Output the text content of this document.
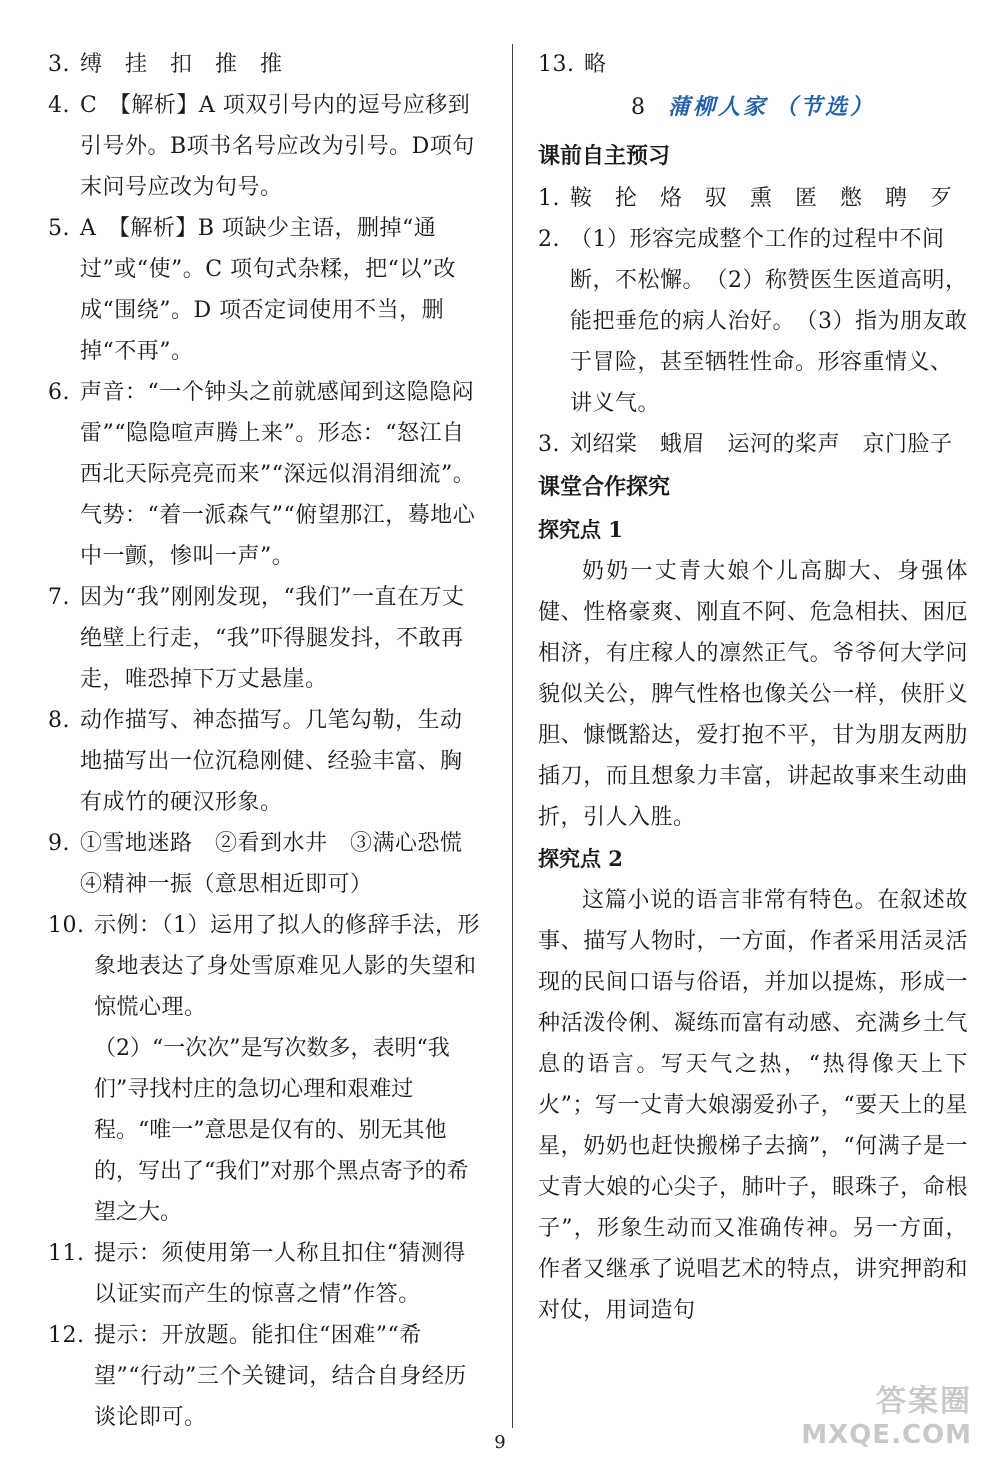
3. 缚　挂　扣　推　推
4. C　【解析】A 项双引号内的逗号应移到引号外。B项书名号应改为引号。D项句末问号应改为句号。
5. A　【解析】B 项缺少主语，删掉“通过”或“使”。C 项句式杂糅，把“以”改成“围绕”。D 项否定词使用不当，删掉“不再”。
6. 声音：“一个钟头之前就感闻到这隐隐闷雷”“隐隐喧声腾上来”。形态：“怒江自西北天际亮亮而来”“深远似涓涓细流”。气势：“着一派森气”“俯望那江，蓦地心中一颤，惨叫一声”。
7. 因为“我”刚刚发现，“我们”一直在万丈绝壁上行走，“我”吓得腿发抖，不敢再走，唯恐掉下万丈悬崖。
8. 动作描写、神态描写。几笔勾勒，生动地描写出一位沉稳刚健、经验丰富、胸有成竹的硬汉形象。
9. ①雪地迷路　②看到水井　③满心恐慌　④精神一振（意思相近即可）
10. 示例：（1）运用了拟人的修辞手法，形象地表达了身处雪原难见人影的失望和惊慌心理。
（2）“一次次”是写次数多，表明“我们”寻找村庄的急切心理和艰难过程。“唯一”意思是仅有的、别无其他的，写出了“我们”对那个黑点寄予的希望之大。
11. 提示：须使用第一人称且扣住“猜测得以证实而产生的惊喜之情”作答。
12. 提示：开放题。能扣住“困难”“希望”“行动”三个关键词，结合自身经历谈论即可。
13. 略
8 蒲柳人家 （节选）
课前自主预习
1. 鞍　抡　烙　驭　熏　匿　憋　聘　歹
2. （1）形容完成整个工作的过程中不间断，不松懈。　（2）称赞医生医道高明，能把垂危的病人治好。　（3）指为朋友敢于冒险，甚至牺牲性命。形容重情义、讲义气。
3. 刘绍棠　蛾眉　运河的桨声　京门脸子
课堂合作探究
探究点 1
奶奶一丈青大娘个儿高脚大、身强体健、性格豪爽、刚直不阿、危急相扶、困厄相济，有庄稼人的凛然正气。爷爷何大学问貌似关公，脾气性格也像关公一样，侠肝义胆、慷慨豁达，爱打抱不平，甘为朋友两肋插刀，而且想象力丰富，讲起故事来生动曲折，引人入胜。
探究点 2
这篇小说的语言非常有特色。在叙述故事、描写人物时，一方面，作者采用活灵活现的民间口语与俗语，并加以提炼，形成一种活泼伶俐、凝练而富有动感、充满乡土气息的语言。写天气之热，“热得像天上下火”；写一丈青大娘溺爱孙子，“要天上的星星，奶奶也赶快搬梯子去摘”，“何满子是一丈青大娘的心尖子，肺叶子，眼珠子，命根子”，形象生动而又准确传神。另一方面，作者又继承了说唱艺术的特点，讲究押韵和对仗，用词造句
9
答案圈
MXQE.COM
